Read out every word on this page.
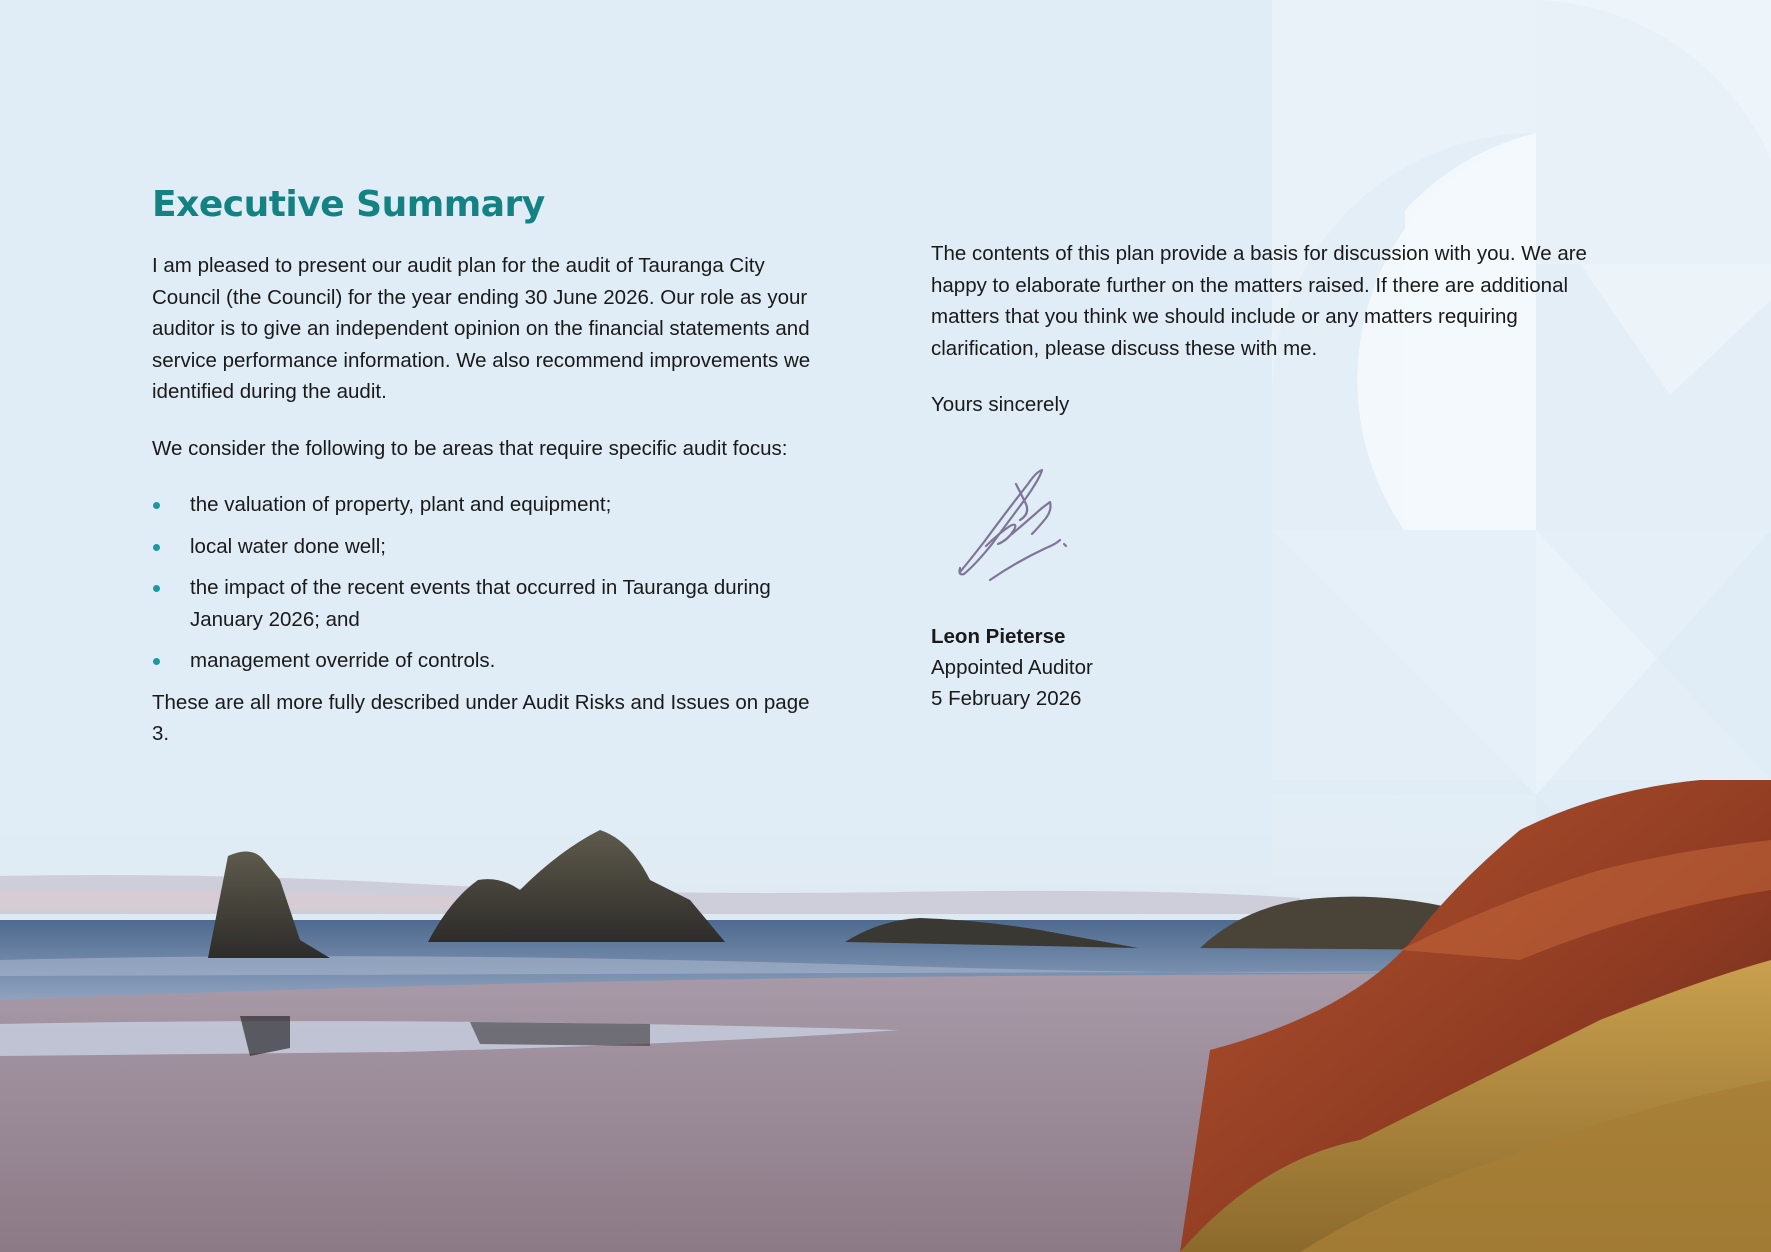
Executive Summary

I am pleased to present our audit plan for the audit of Tauranga City Council (the Council) for the year ending 30 June 2026. Our role as your auditor is to give an independent opinion on the financial statements and service performance information. We also recommend improvements we identified during the audit.

We consider the following to be areas that require specific audit focus:

the valuation of property, plant and equipment;
local water done well;
the impact of the recent events that occurred in Tauranga during January 2026; and
management override of controls.

These are all more fully described under Audit Risks and Issues on page 3.

The contents of this plan provide a basis for discussion with you. We are happy to elaborate further on the matters raised. If there are additional matters that you think we should include or any matters requiring clarification, please discuss these with me.

Yours sincerely

Leon Pieterse
Appointed Auditor
5 February 2026
